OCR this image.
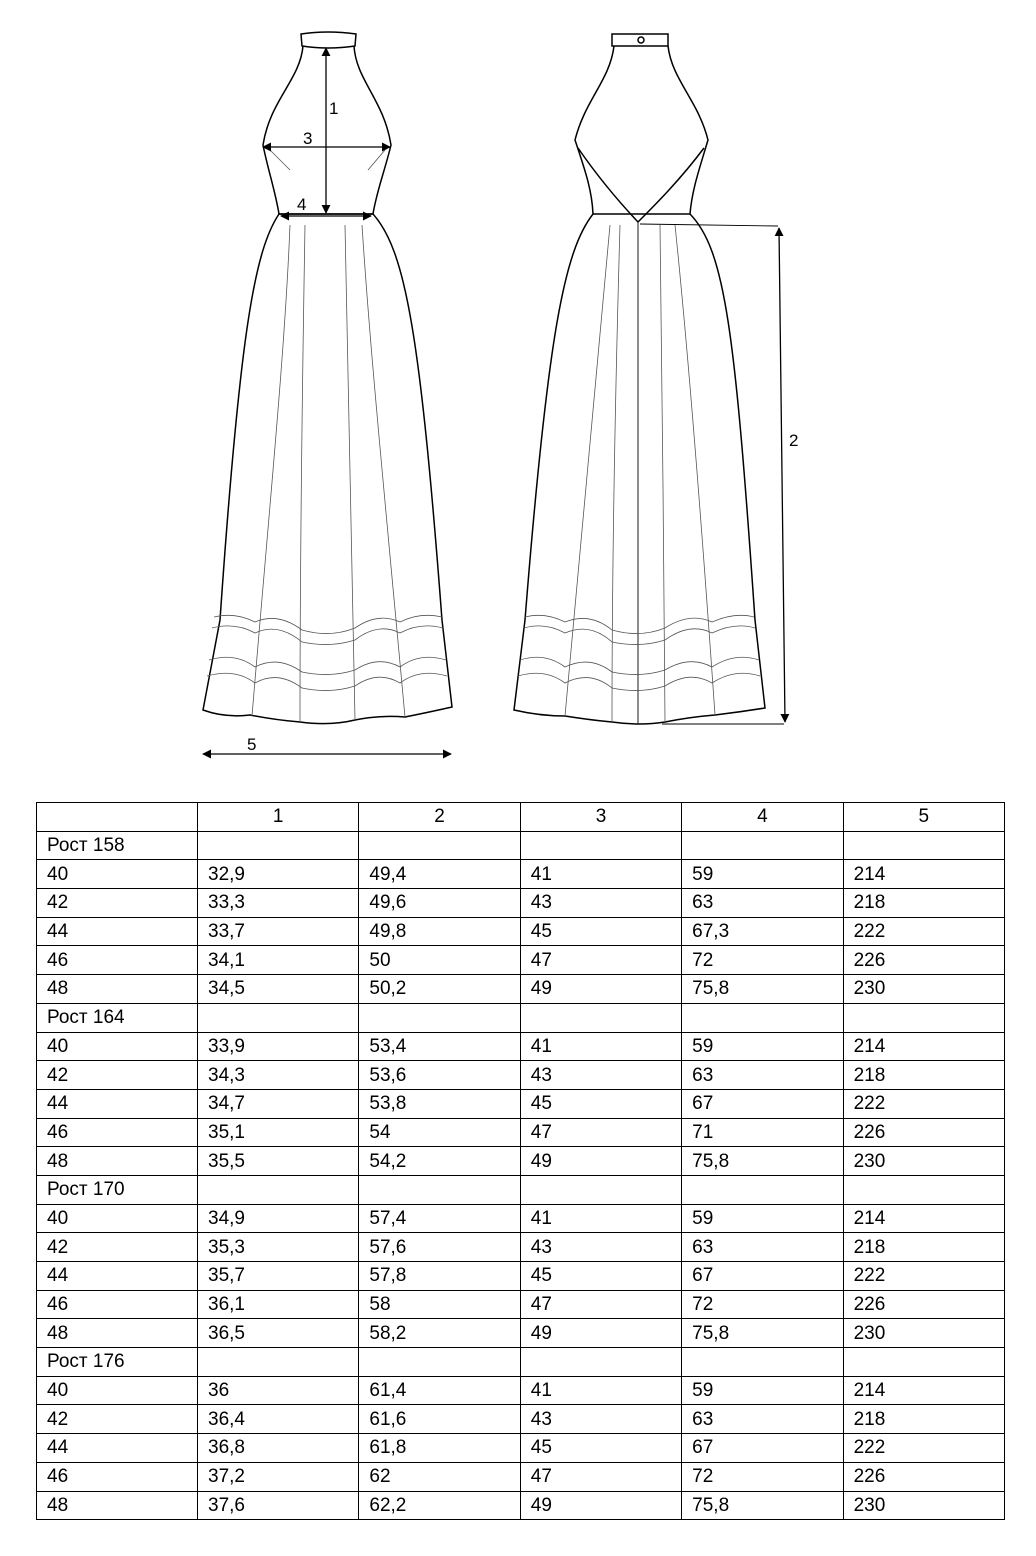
1
2
3
4
5
	1	2	3	4	5
Рост 158					
40	32,9	49,4	41	59	214
42	33,3	49,6	43	63	218
44	33,7	49,8	45	67,3	222
46	34,1	50	47	72	226
48	34,5	50,2	49	75,8	230
Рост 164					
40	33,9	53,4	41	59	214
42	34,3	53,6	43	63	218
44	34,7	53,8	45	67	222
46	35,1	54	47	71	226
48	35,5	54,2	49	75,8	230
Рост 170					
40	34,9	57,4	41	59	214
42	35,3	57,6	43	63	218
44	35,7	57,8	45	67	222
46	36,1	58	47	72	226
48	36,5	58,2	49	75,8	230
Рост 176					
40	36	61,4	41	59	214
42	36,4	61,6	43	63	218
44	36,8	61,8	45	67	222
46	37,2	62	47	72	226
48	37,6	62,2	49	75,8	230
